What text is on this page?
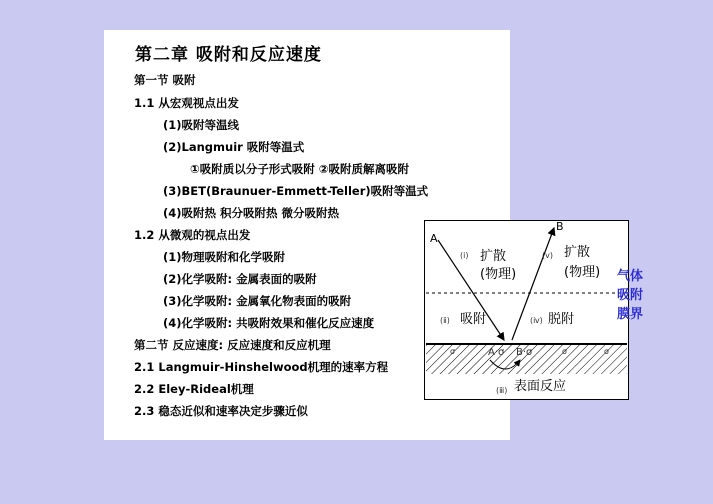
第二章 吸附和反应速度
第一节 吸附
1.1 从宏观视点出发
(1)吸附等温线
(2)Langmuir 吸附等温式
①吸附质以分子形式吸附 ②吸附质解离吸附
(3)BET(Braunuer-Emmett-Teller)吸附等温式
(4)吸附热 积分吸附热 微分吸附热
1.2 从微观的视点出发
(1)物理吸附和化学吸附
(2)化学吸附: 金属表面的吸附
(3)化学吸附: 金属氧化物表面的吸附
(4)化学吸附: 共吸附效果和催化反应速度
第二节 反应速度: 反应速度和反应机理
2.1 Langmuir-Hinshelwood机理的速率方程
2.2 Eley-Rideal机理
2.3 稳态近似和速率决定步骤近似
A
B
(ⅰ) 扩散
(物理)
(ⅴ) 扩散
(物理)
(ⅱ) 吸附	(ⅳ) 脱附
σ	A·σ B·σ	σ	σ
(ⅲ) 表面反应
气体
吸附
膜界
